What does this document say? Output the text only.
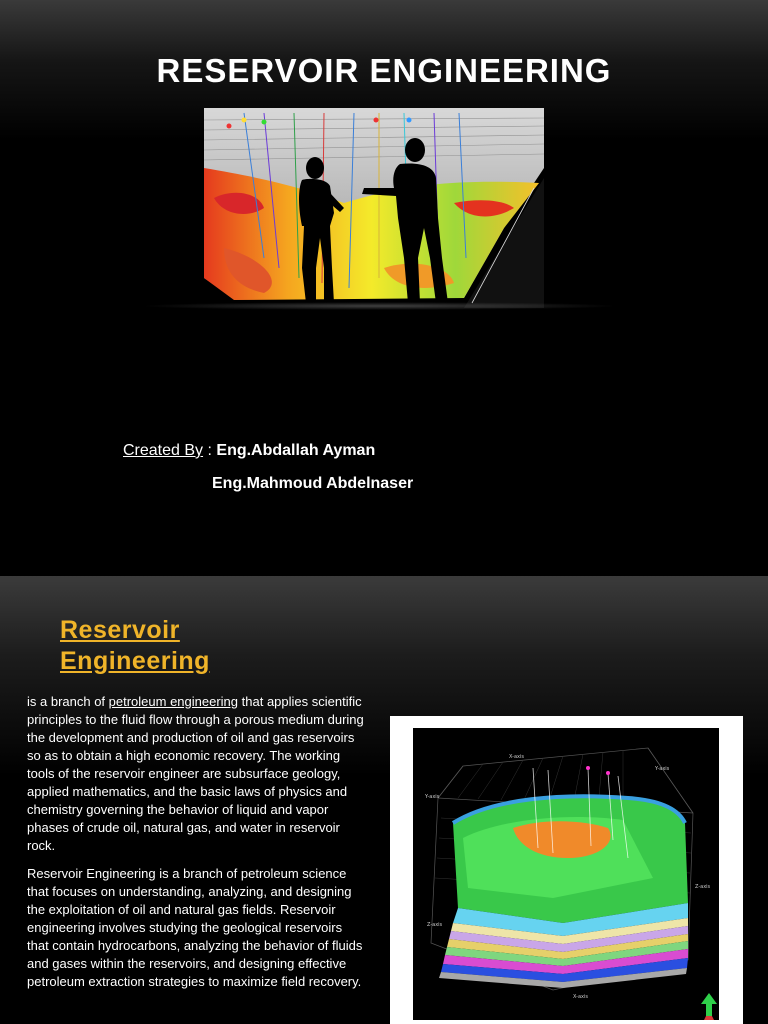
RESERVOIR ENGINEERING
Created By : Eng.Abdallah Ayman
Eng.Mahmoud Abdelnaser
Reservoir Engineering
is a branch of petroleum engineering that applies scientific principles to the fluid flow through a porous medium during the development and production of oil and gas reservoirs so as to obtain a high economic recovery. The working tools of the reservoir engineer are subsurface geology, applied mathematics, and the basic laws of physics and chemistry governing the behavior of liquid and vapor phases of crude oil, natural gas, and water in reservoir rock.
Reservoir Engineering is a branch of petroleum science that focuses on understanding, analyzing, and designing the exploitation of oil and natural gas fields. Reservoir engineering involves studying the geological reservoirs that contain hydrocarbons, analyzing the behavior of fluids and gases within the reservoirs, and designing effective petroleum extraction strategies to maximize field recovery.
X-axis
Y-axis
Y-axis
Z-axis
Z-axis
X-axis
